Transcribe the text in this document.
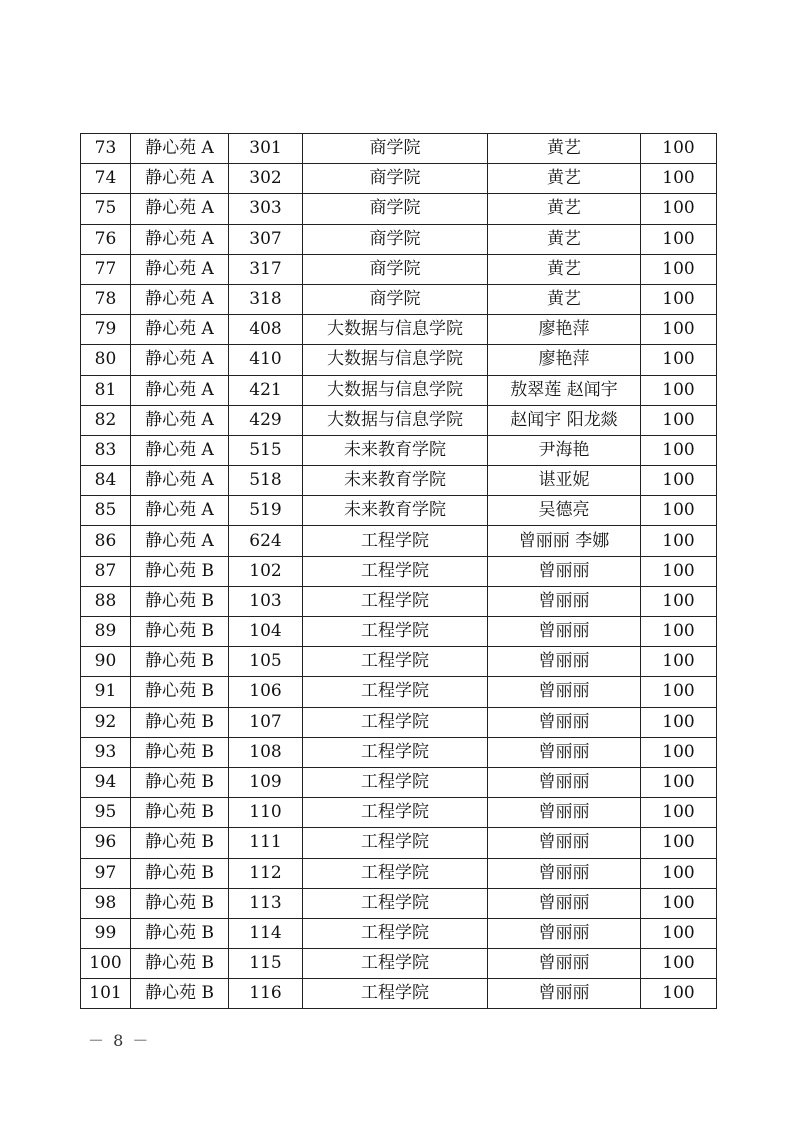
73	静心苑 A	301	商学院	黄艺	100
74	静心苑 A	302	商学院	黄艺	100
75	静心苑 A	303	商学院	黄艺	100
76	静心苑 A	307	商学院	黄艺	100
77	静心苑 A	317	商学院	黄艺	100
78	静心苑 A	318	商学院	黄艺	100
79	静心苑 A	408	大数据与信息学院	廖艳萍	100
80	静心苑 A	410	大数据与信息学院	廖艳萍	100
81	静心苑 A	421	大数据与信息学院	敖翠莲 赵闻宇	100
82	静心苑 A	429	大数据与信息学院	赵闻宇 阳龙燚	100
83	静心苑 A	515	未来教育学院	尹海艳	100
84	静心苑 A	518	未来教育学院	谌亚妮	100
85	静心苑 A	519	未来教育学院	吴德亮	100
86	静心苑 A	624	工程学院	曾丽丽 李娜	100
87	静心苑 B	102	工程学院	曾丽丽	100
88	静心苑 B	103	工程学院	曾丽丽	100
89	静心苑 B	104	工程学院	曾丽丽	100
90	静心苑 B	105	工程学院	曾丽丽	100
91	静心苑 B	106	工程学院	曾丽丽	100
92	静心苑 B	107	工程学院	曾丽丽	100
93	静心苑 B	108	工程学院	曾丽丽	100
94	静心苑 B	109	工程学院	曾丽丽	100
95	静心苑 B	110	工程学院	曾丽丽	100
96	静心苑 B	111	工程学院	曾丽丽	100
97	静心苑 B	112	工程学院	曾丽丽	100
98	静心苑 B	113	工程学院	曾丽丽	100
99	静心苑 B	114	工程学院	曾丽丽	100
100	静心苑 B	115	工程学院	曾丽丽	100
101	静心苑 B	116	工程学院	曾丽丽	100
－ 8 －
